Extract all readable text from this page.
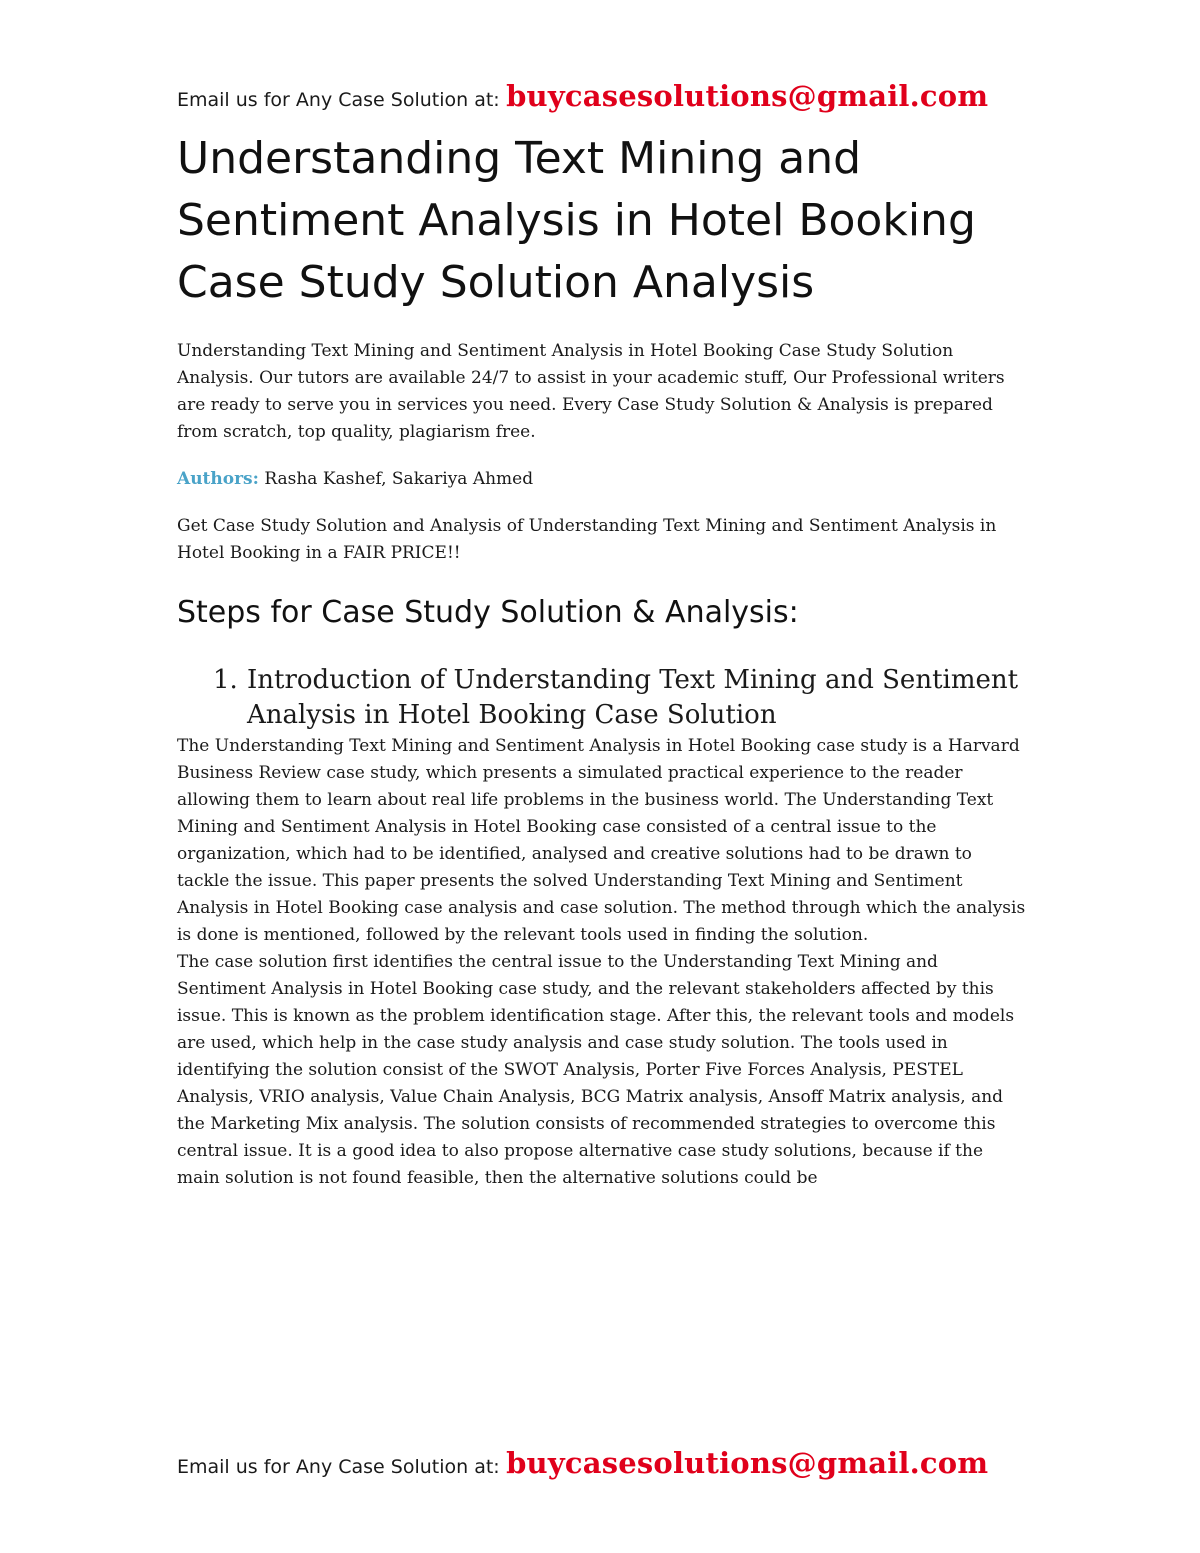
Email us for Any Case Solution at: buycasesolutions@gmail.com

Understanding Text Mining and Sentiment Analysis in Hotel Booking Case Study Solution Analysis

Understanding Text Mining and Sentiment Analysis in Hotel Booking Case Study Solution Analysis. Our tutors are available 24/7 to assist in your academic stuff, Our Professional writers are ready to serve you in services you need. Every Case Study Solution & Analysis is prepared from scratch, top quality, plagiarism free.

Authors: Rasha Kashef, Sakariya Ahmed

Get Case Study Solution and Analysis of Understanding Text Mining and Sentiment Analysis in Hotel Booking in a FAIR PRICE!!

Steps for Case Study Solution & Analysis:
1. Introduction of Understanding Text Mining and Sentiment Analysis in Hotel Booking Case Solution

The Understanding Text Mining and Sentiment Analysis in Hotel Booking case study is a Harvard Business Review case study, which presents a simulated practical experience to the reader allowing them to learn about real life problems in the business world. The Understanding Text Mining and Sentiment Analysis in Hotel Booking case consisted of a central issue to the organization, which had to be identified, analysed and creative solutions had to be drawn to tackle the issue. This paper presents the solved Understanding Text Mining and Sentiment Analysis in Hotel Booking case analysis and case solution. The method through which the analysis is done is mentioned, followed by the relevant tools used in finding the solution.

The case solution first identifies the central issue to the Understanding Text Mining and Sentiment Analysis in Hotel Booking case study, and the relevant stakeholders affected by this issue. This is known as the problem identification stage. After this, the relevant tools and models are used, which help in the case study analysis and case study solution. The tools used in identifying the solution consist of the SWOT Analysis, Porter Five Forces Analysis, PESTEL Analysis, VRIO analysis, Value Chain Analysis, BCG Matrix analysis, Ansoff Matrix analysis, and the Marketing Mix analysis. The solution consists of recommended strategies to overcome this central issue. It is a good idea to also propose alternative case study solutions, because if the main solution is not found feasible, then the alternative solutions could be

Email us for Any Case Solution at: buycasesolutions@gmail.com
